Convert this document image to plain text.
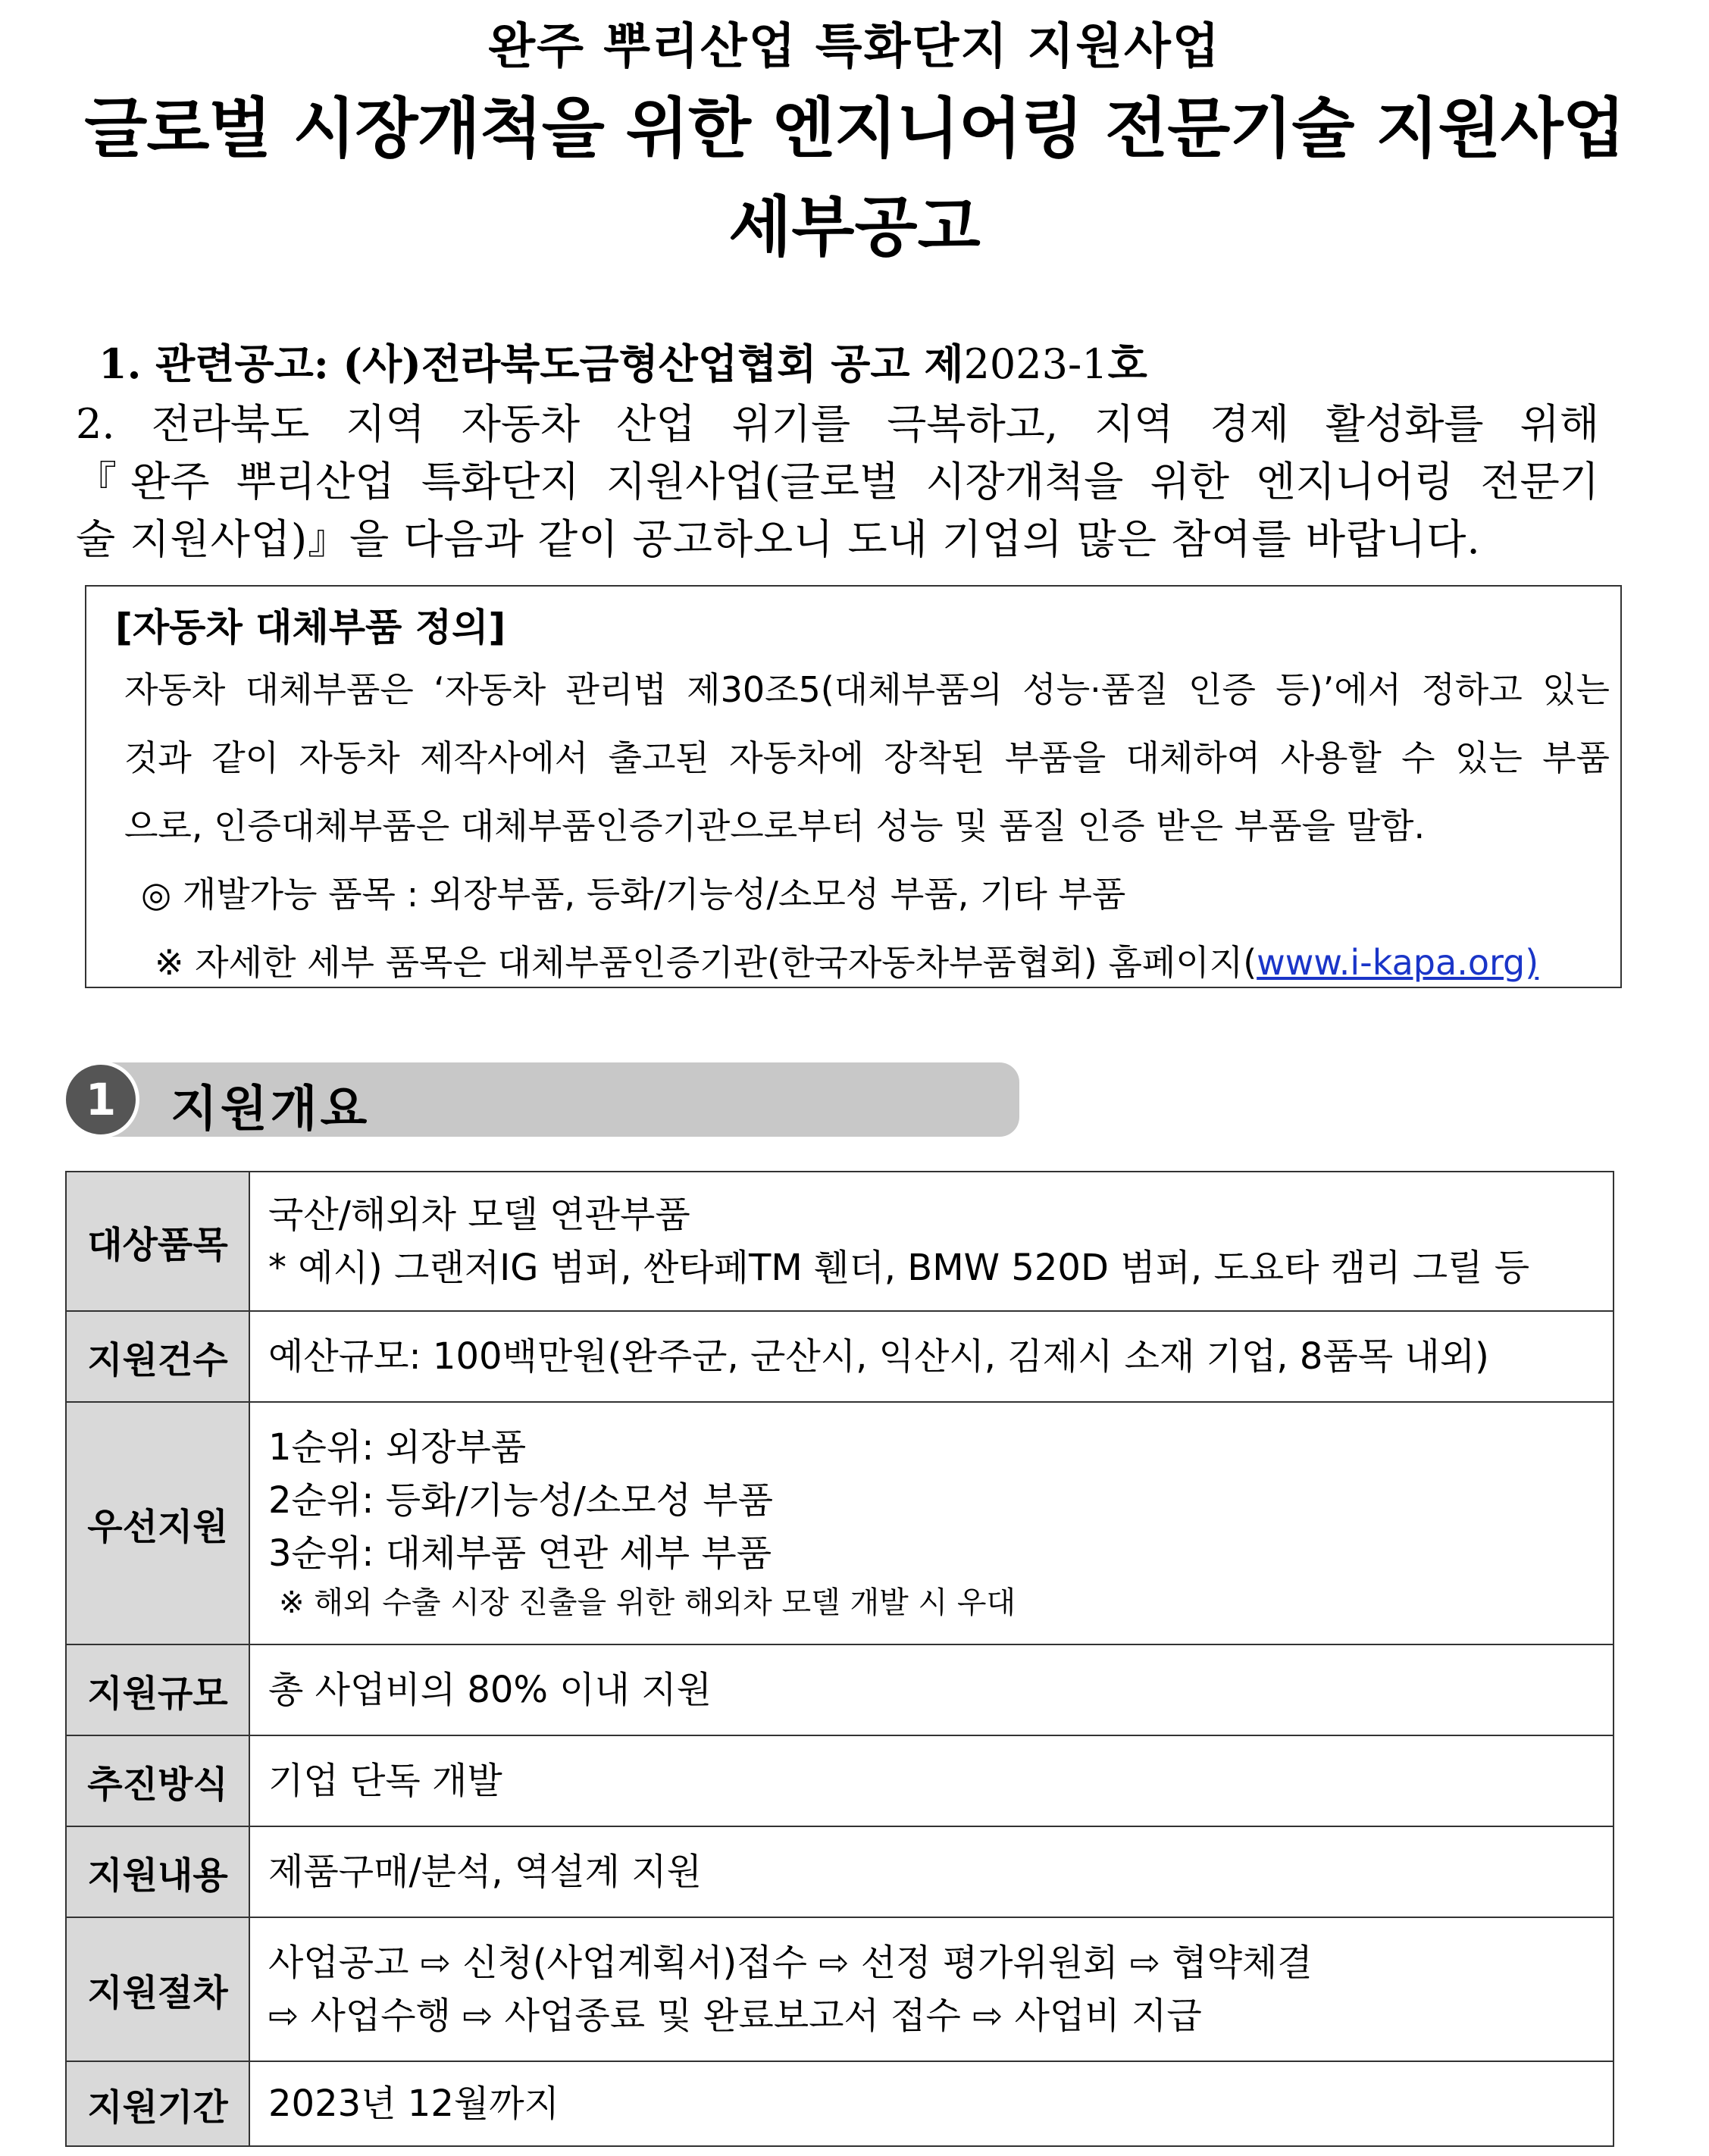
완주 뿌리산업 특화단지 지원사업
글로벌 시장개척을 위한 엔지니어링 전문기술 지원사업
세부공고
1. 관련공고: (사)전라북도금형산업협회 공고 제2023-1호
2. 전라북도 지역 자동차 산업 위기를 극복하고, 지역 경제 활성화를 위해
『완주 뿌리산업 특화단지 지원사업(글로벌 시장개척을 위한 엔지니어링 전문기
술 지원사업)』을 다음과 같이 공고하오니 도내 기업의 많은 참여를 바랍니다.
[자동차 대체부품 정의]
자동차 대체부품은 ‘자동차 관리법 제30조5(대체부품의 성능·품질 인증 등)’에서 정하고 있는
것과 같이 자동차 제작사에서 출고된 자동차에 장착된 부품을 대체하여 사용할 수 있는 부품
으로, 인증대체부품은 대체부품인증기관으로부터 성능 및 품질 인증 받은 부품을 말함.
◎ 개발가능 품목 : 외장부품, 등화/기능성/소모성 부품, 기타 부품
※ 자세한 세부 품목은 대체부품인증기관(한국자동차부품협회) 홈페이지(www.i-kapa.org)
1	지원개요
대상품목	국산/해외차 모델 연관부품
* 예시) 그랜저IG 범퍼, 싼타페TM 휀더, BMW 520D 범퍼, 도요타 캠리 그릴 등

지원건수	예산규모: 100백만원(완주군, 군산시, 익산시, 김제시 소재 기업, 8품목 내외)

우선지원	1순위: 외장부품
2순위: 등화/기능성/소모성 부품
3순위: 대체부품 연관 세부 부품
※ 해외 수출 시장 진출을 위한 해외차 모델 개발 시 우대

지원규모	총 사업비의 80% 이내 지원

추진방식	기업 단독 개발

지원내용	제품구매/분석, 역설계 지원

지원절차	사업공고 ⇨ 신청(사업계획서)접수 ⇨ 선정 평가위원회 ⇨ 협약체결
⇨ 사업수행 ⇨ 사업종료 및 완료보고서 접수 ⇨ 사업비 지급

지원기간	2023년 12월까지
